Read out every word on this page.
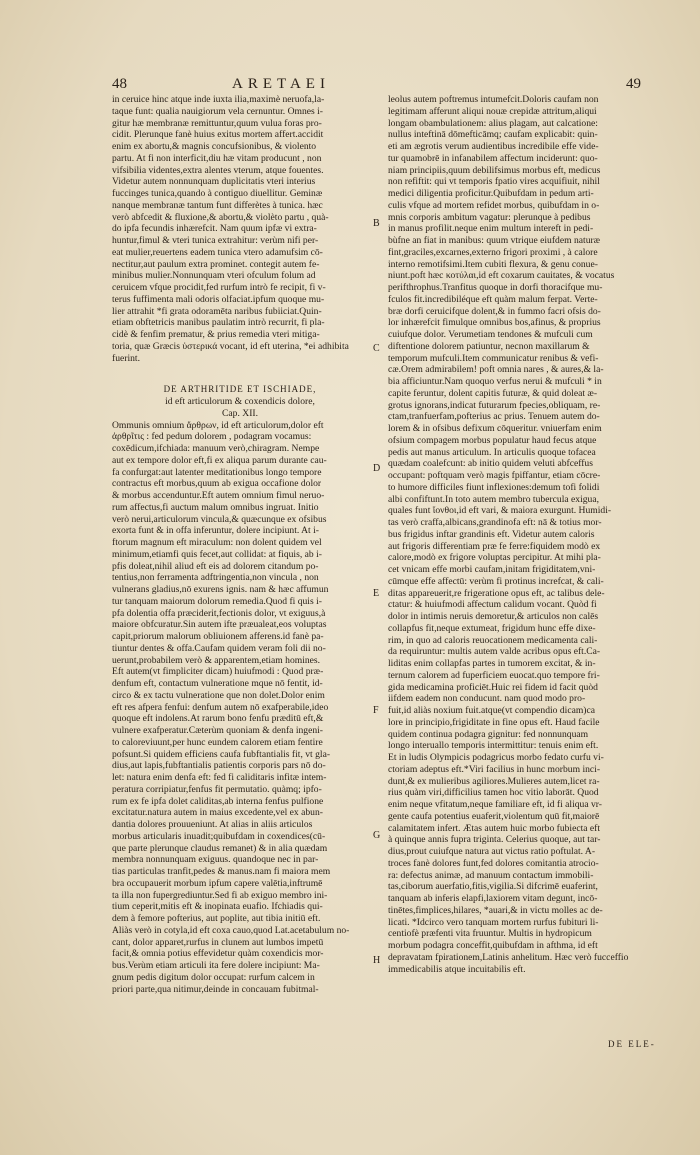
48	ARETAEI	49

in ceruice hinc atque inde iuxta ilia,maximè neruofa,la-

taque funt: qualia nauigiorum vela cernuntur. Omnes i-

gitur hæ membranæ remittuntur,quum vulua foras pro-

cidit. Plerunque fanè huius exitus mortem affert.accidit

enim ex abortu,& magnis concufsionibus, & violento

partu. At fi non interficit,diu hæ vitam producunt , non

vifsibilia videntes,extra alentes vterum, atque fouentes.

Videtur autem nonnunquam duplicitatis vteri interius

fuccinges tunica,quando à contiguo diuellitur. Geminæ

nanque membranæ tantum funt differètes à tunica. hæc

verò abfcedit & fluxione,& abortu,& violèto partu , quà-

do ipfa fecundis inhærefcit. Nam quum ipfæ vi extra-

huntur,fimul & vteri tunica extrahitur: verùm nifi per-

eat mulier,reuertens eadem tunica vtero adamufsim cō-

nectitur,aut paulum extra prominet. contegit autem fe-

minibus mulier.Nonnunquam vteri ofculum folum ad

ceruicem vfque procidit,fed rurfum intrò fe recipit, fi v-

terus fuffimenta mali odoris olfaciat.ipfum quoque mu-

lier attrahit *fi grata odoramēta naribus fubiiciat.Quin-

etiam obftetricis manibus paulatim intrò recurrit, fi pla-

cidè & fenfim prematur, & prius remedia vteri mitiga-

toria, quæ Græcis ὑστερικά vocant, id eft uterina, *ei adhibita

fuerint.

DE ARTHRITIDE ET ISCHIADE,

id eft articulorum & coxendicis dolore,

Cap. XII.

Ommunis omnium ἄρθρων, id eft articulorum,dolor eft

ἀρθρῖτις : fed pedum dolorem , podagram vocamus:

coxēdicum,ifchiada: manuum verò,chiragram. Nempe

aut ex tempore dolor eft,fi ex aliqua parum durante cau-

fa confurgat:aut latenter meditationibus longo tempore

contractus eft morbus,quum ab exigua occafione dolor

& morbus accenduntur.Eft autem omnium fimul neruo-

rum affectus,fi auctum malum omnibus ingruat. Initio

verò nerui,articulorum vincula,& quæcunque ex ofsibus

exorta funt & in offa inferuntur, dolere incipiunt. At i-

ftorum magnum eft miraculum: non dolent quidem vel

minimum,etiamfi quis fecet,aut collidat: at fiquis, ab i-

pfis doleat,nihil aliud eft eis ad dolorem citandum po-

tentius,non ferramenta adftringentia,non vincula , non

vulnerans gladius,nō exurens ignis. nam & hæc affumun

tur tanquam maiorum dolorum remedia.Quod fi quis i-

pfa dolentia offa præciderit,fectionis dolor, vt exiguus,à

maiore obfcuratur.Sin autem ifte præualeat,eos voluptas

capit,priorum malorum obliuionem afferens.id fanè pa-

tiuntur dentes & offa.Caufam quidem veram foli dii no-

uerunt,probabilem verò & apparentem,etiam homines.

Eft autem(vt fimpliciter dicam) huiufmodi : Quod præ-

denfum eft, contactum vulneratione mque nō fentit, id-

circo & ex tactu vulneratione que non dolet.Dolor enim

eft res afpera fenfui: denfum autem nō exafperabile,ideo

quoque eft indolens.At rarum bono fenfu præditū eft,&

vulnere exafperatur.Cæterùm quoniam & denfa ingeni-

to caloreviuunt,per hunc eundem calorem etiam fentire

pofsunt.Si quidem efficiens caufa fubftantialis fit, vt gla-

dius,aut lapis,fubftantialis patientis corporis pars nō do-

let: natura enim denfa eft: fed fi caliditaris infitæ intem-

peratura corripiatur,fenfus fit permutatio. quàmq; ipfo-

rum ex fe ipfa dolet caliditas,ab interna fenfus pulfione

excitatur.natura autem in maius excedente,vel ex abun-

dantia dolores prouueniunt. At alias in aliis articulos

morbus articularis inuadit;quibufdam in coxendices(cū-

que parte plerunque claudus remanet) & in alia quædam

membra nonnunquam exiguus. quandoque nec in par-

tias particulas tranfit,pedes & manus.nam fi maiora mem

bra occupauerit morbum ipfum capere valētia,inftrumē

ta illa non fupergrediuntur.Sed fi ab exiguo membro ini-

tium ceperit,mitis eft & inopinata euafio. Ifchiadis qui-

dem à femore pofterius, aut poplite, aut tibia initiū eft.

Aliàs verò in cotyla,id eft coxa cauo,quod Lat.acetabulum no-

cant, dolor apparet,rurfus in clunem aut lumbos impetū

facit,& omnia potius effevidetur quàm coxendicis mor-

bus.Verùm etiam articuli ita fere dolere incipiunt: Ma-

gnum pedis digitum dolor occupat: rurfum calcem in

priori parte,qua nitimur,deinde in concauam fubitmal-

leolus autem poftremus intumefcit.Doloris caufam non

legitimam afferunt aliqui nouæ crepidæ attritum,aliqui

longam obambulationem: alius plagam, aut calcatione:

nullus inteftinā dōmefticāmq; caufam explicabit: quin-

eti am ægrotis verum audientibus incredibile effe vide-

tur quamobrē in infanabilem affectum inciderunt: quo-

niam principiis,quum debilifsimus morbus eft, medicus

non refiftit: qui vt temporis fpatio vires acquifiuit, nihil

medici diligentia proficitur.Quibufdam in pedum arti-

culis vfque ad mortem refidet morbus, quibufdam in o-

mnis corporis ambitum vagatur: plerunque à pedibus

in manus profilit.neque enim multum intereft in pedi-

bùfne an fiat in manibus: quum vtrique eiufdem naturæ

fint,graciles,excarnes,externo frigori proximi , à calore

interno remotifsimi.Item cubiti flexura, & genu conue-

niunt.poft hæc κοτύλαι,id eft coxarum cauitates, & vocatus

perifthrophus.Tranfitus quoque in dorfi thoracifque mu-

fculos fit.incredibiléque eft quàm malum ferpat. Verte-

bræ dorfi ceruicifque dolent,& in fummo facri ofsis do-

lor inhærefcit fimulque omnibus bos,afinus, & proprius

cuiufque dolor. Verumetiam tendones & mufculi cum

diftentione dolorem patiuntur, necnon maxillarum &

temporum mufculi.Item communicatur renibus & vefi-

cæ.Orem admirabilem! poft omnia nares , & aures,& la-

bia afficiuntur.Nam quoquo verfus nerui & mufculi * in

capite feruntur, dolent capitis futuræ, & quid doleat æ-

grotus ignorans,indicat futurarum fpecies,obliquam, re-

ctam,tranfuerfam,pofterius ac prius. Tenuem autem do-

lorem & in ofsibus defixum cōqueritur. vniuerfam enim

ofsium compagem morbus populatur haud fecus atque

pedis aut manus articulum. In articulis quoque tofacea

quædam coalefcunt: ab initio quidem veluti abfceffus

occupant: poftquam verò magis fpiffantur, etiam cōcre-

to humore difficiles fiunt inflexiones:demum tofi folidi

albi confiftunt.In toto autem membro tubercula exigua,

quales funt ἴονθοι,id eft vari, & maiora exurgunt. Humidi-

tas verò craffa,albicans,grandinofa eft: nā & totius mor-

bus frigidus inftar grandinis eft. Videtur autem caloris

aut frigoris differentiam præ fe ferre:fiquidem modò ex

calore,modò ex frigore voluptas percipitur. At mihi pla-

cet vnicam effe morbi caufam,initam frigiditatem,vni-

cūmque effe affectū: verùm fi protinus increfcat, & cali-

ditas appareuerit,re frigeratione opus eft, ac talibus dele-

ctatur: & huiufmodi affectum calidum vocant. Quòd fi

dolor in intimis neruis demoretur,& articulos non calēs

collapfus fit,neque extumeat, frigidum hunc effe dixe-

rim, in quo ad caloris reuocationem medicamenta cali-

da requiruntur: multis autem valde acribus opus eft.Ca-

liditas enim collapfas partes in tumorem excitat, & in-

ternum calorem ad fuperficiem euocat.quo tempore fri-

gida medicamina proficiēt.Huic rei fidem id facit quòd

iifdem eadem non conducunt. nam quod modo pro-

fuit,id aliàs noxium fuit.atque(vt compendio dicam)ca

lore in principio,frigiditate in fine opus eft. Haud facile

quidem continua podagra gignitur: fed nonnunquam

longo interuallo temporis intermittitur: tenuis enim eft.

Et in ludis Olympicis podagricus morbo fedato curfu vi-

ctoriam adeptus eft.*Viri facilius in hunc morbum inci-

dunt,& ex mulieribus agiliores.Mulieres autem,licet ra-

rius quàm viri,difficilius tamen hoc vitio laborāt. Quod

enim neque vfitatum,neque familiare eft, id fi aliqua vr-

gente caufa potentius euaferit,violentum quū fit,maiorē

calamitatem infert. Ætas autem huic morbo fubiecta eft

à quinque annis fupra triginta. Celerius quoque, aut tar-

dius,prout cuiufque natura aut victus ratio poftulat. A-

troces fanè dolores funt,fed dolores comitantia atrocio-

ra: defectus animæ, ad manuum contactum immobili-

tas,ciborum auerfatio,fitis,vigilia.Si difcrimē euaferint,

tanquam ab inferis elapfi,laxiorem vitam degunt, incō-

tinētes,fimplices,hilares, *auari,& in victu molles ac de-

licati. *Idcirco vero tanquam mortem rurfus fubituri li-

centiofè præfenti vita fruuntur. Multis in hydropicum

morbum podagra conceffit,quibufdam in afthma, id eft

depravatam fpirationem,Latinis anhelitum. Hæc verò fucceffio

immedicabilis atque incuitabilis eft.

B
C
D
E
F
G
H
DE ELE-
